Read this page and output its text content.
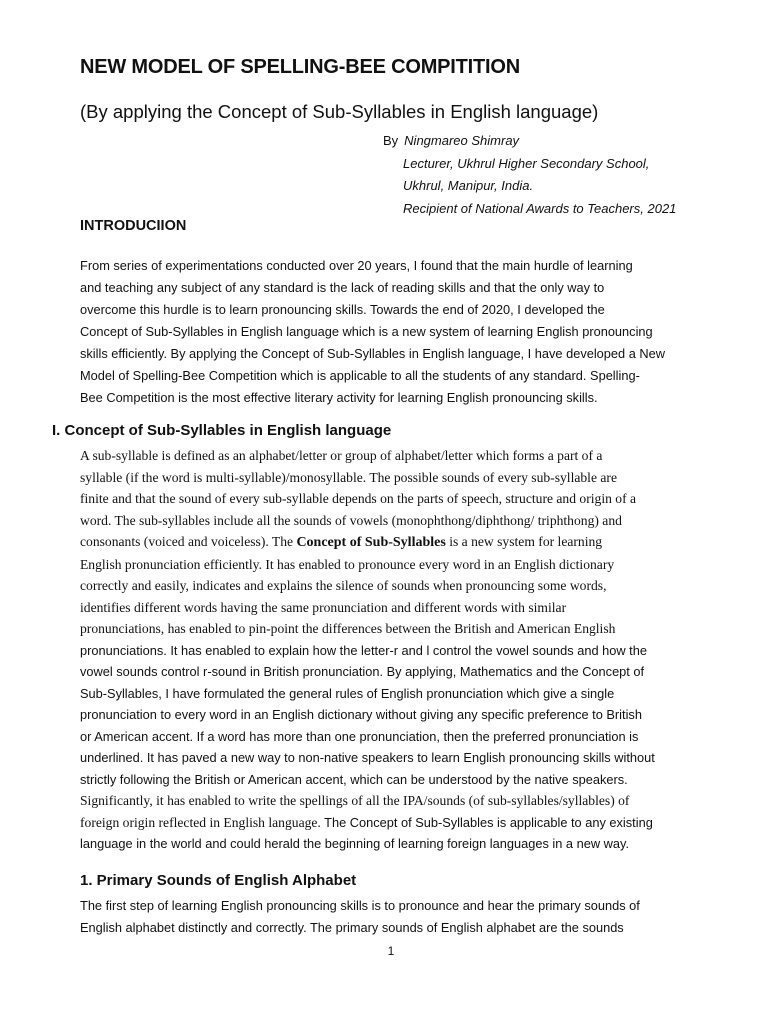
NEW MODEL OF SPELLING-BEE COMPITITION
(By applying the Concept of Sub-Syllables in English language)
By Ningmareo Shimray
Lecturer, Ukhrul Higher Secondary School,
Ukhrul, Manipur, India.
Recipient of National Awards to Teachers, 2021
INTRODUCIION

From series of experimentations conducted over 20 years, I found that the main hurdle of learning
and teaching any subject of any standard is the lack of reading skills and that the only way to
overcome this hurdle is to learn pronouncing skills. Towards the end of 2020, I developed the
Concept of Sub-Syllables in English language which is a new system of learning English pronouncing
skills efficiently. By applying the Concept of Sub-Syllables in English language, I have developed a New
Model of Spelling-Bee Competition which is applicable to all the students of any standard. Spelling-
Bee Competition is the most effective literary activity for learning English pronouncing skills.

I. Concept of Sub-Syllables in English language

A sub-syllable is defined as an alphabet/letter or group of alphabet/letter which forms a part of a
syllable (if the word is multi-syllable)/monosyllable. The possible sounds of every sub-syllable are
finite and that the sound of every sub-syllable depends on the parts of speech, structure and origin of a
word. The sub-syllables include all the sounds of vowels (monophthong/diphthong/ triphthong) and
consonants (voiced and voiceless). The Concept of Sub-Syllables is a new system for learning
English pronunciation efficiently. It has enabled to pronounce every word in an English dictionary
correctly and easily, indicates and explains the silence of sounds when pronouncing some words,
identifies different words having the same pronunciation and different words with similar
pronunciations, has enabled to pin-point the differences between the British and American English
pronunciations. It has enabled to explain how the letter-r and l control the vowel sounds and how the
vowel sounds control r-sound in British pronunciation. By applying, Mathematics and the Concept of
Sub-Syllables, I have formulated the general rules of English pronunciation which give a single
pronunciation to every word in an English dictionary without giving any specific preference to British
or American accent. If a word has more than one pronunciation, then the preferred pronunciation is
underlined. It has paved a new way to non-native speakers to learn English pronouncing skills without
strictly following the British or American accent, which can be understood by the native speakers.
Significantly, it has enabled to write the spellings of all the IPA/sounds (of sub-syllables/syllables) of
foreign origin reflected in English language. The Concept of Sub-Syllables is applicable to any existing
language in the world and could herald the beginning of learning foreign languages in a new way.

1. Primary Sounds of English Alphabet

The first step of learning English pronouncing skills is to pronounce and hear the primary sounds of
English alphabet distinctly and correctly. The primary sounds of English alphabet are the sounds

1
